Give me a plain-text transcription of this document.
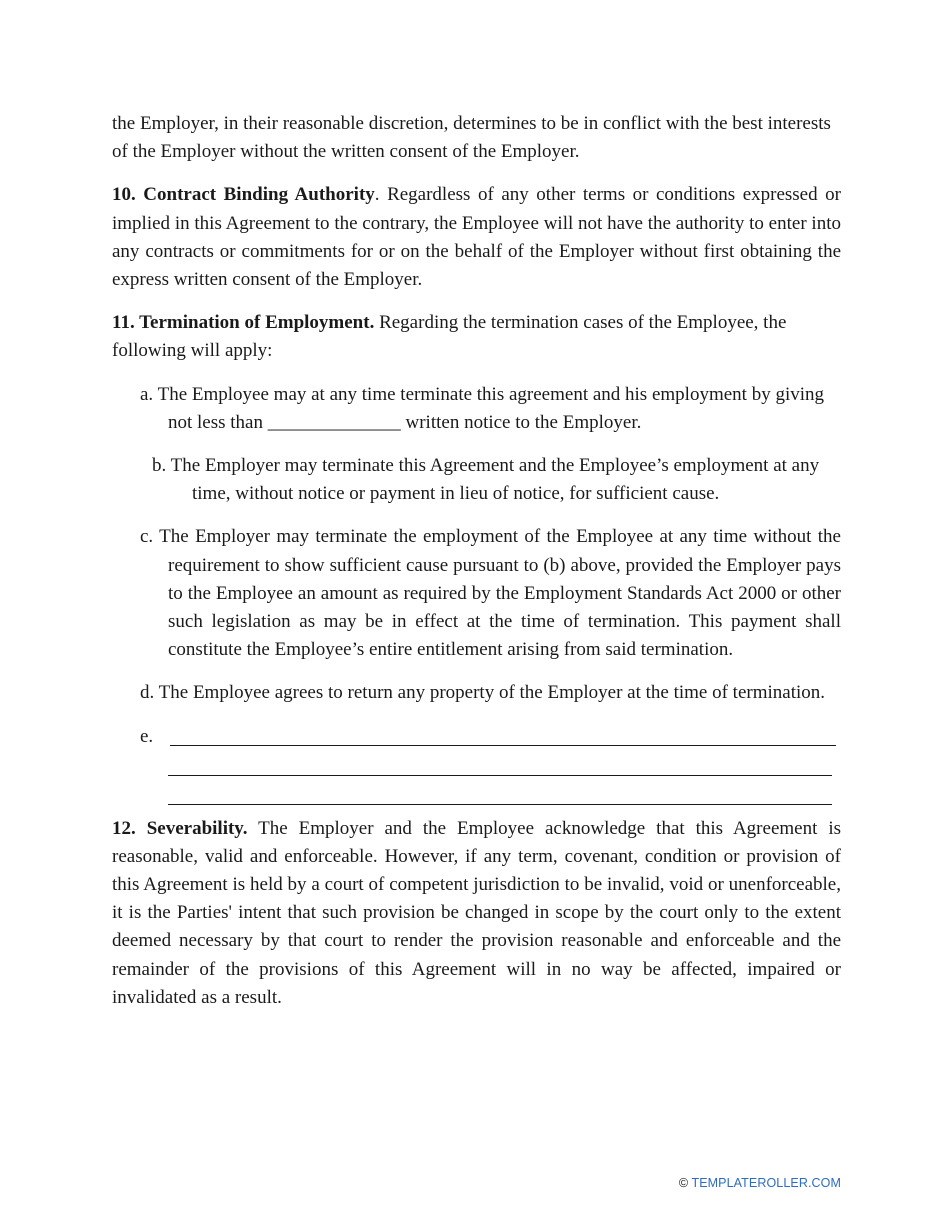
the Employer, in their reasonable discretion, determines to be in conflict with the best interests of the Employer without the written consent of the Employer.

10. Contract Binding Authority. Regardless of any other terms or conditions expressed or implied in this Agreement to the contrary, the Employee will not have the authority to enter into any contracts or commitments for or on the behalf of the Employer without first obtaining the express written consent of the Employer.

11. Termination of Employment. Regarding the termination cases of the Employee, the following will apply:

a. The Employee may at any time terminate this agreement and his employment by giving not less than ______________ written notice to the Employer.
b. The Employer may terminate this Agreement and the Employee’s employment at any time, without notice or payment in lieu of notice, for sufficient cause.
c. The Employer may terminate the employment of the Employee at any time without the requirement to show sufficient cause pursuant to (b) above, provided the Employer pays to the Employee an amount as required by the Employment Standards Act 2000 or other such legislation as may be in effect at the time of termination. This payment shall constitute the Employee’s entire entitlement arising from said termination.
d. The Employee agrees to return any property of the Employer at the time of termination.
e.

12. Severability. The Employer and the Employee acknowledge that this Agreement is reasonable, valid and enforceable. However, if any term, covenant, condition or provision of this Agreement is held by a court of competent jurisdiction to be invalid, void or unenforceable, it is the Parties' intent that such provision be changed in scope by the court only to the extent deemed necessary by that court to render the provision reasonable and enforceable and the remainder of the provisions of this Agreement will in no way be affected, impaired or invalidated as a result.

© TEMPLATEROLLER.COM
